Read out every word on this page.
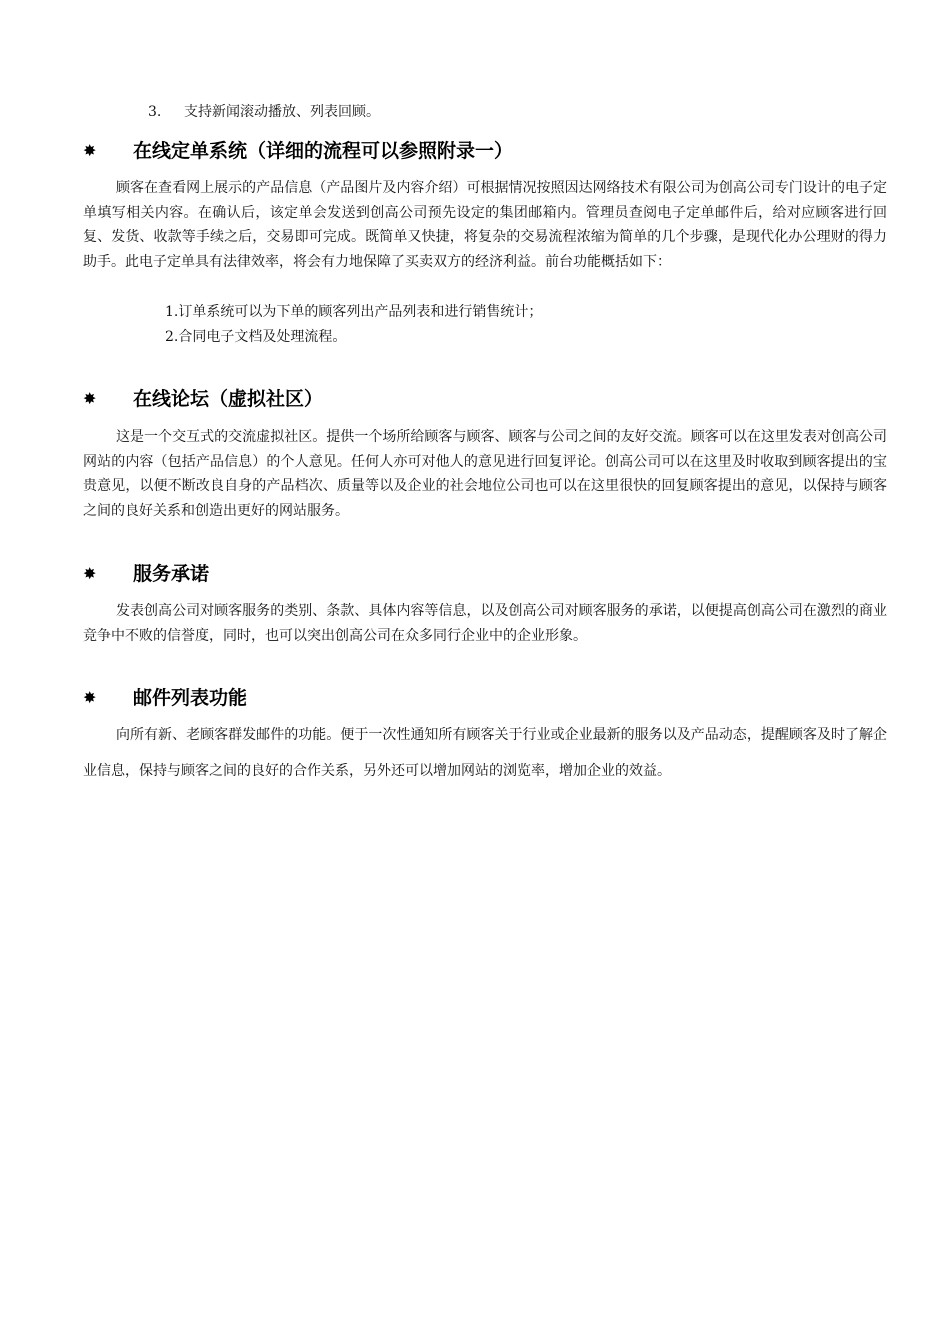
3. 支持新闻滚动播放、列表回顾。
✸ 在线定单系统（详细的流程可以参照附录一）

顾客在查看网上展示的产品信息（产品图片及内容介绍）可根据情况按照因达网络技术有限公司为创高公司专门设计的电子定单填写相关内容。在确认后，该定单会发送到创高公司预先设定的集团邮箱内。管理员查阅电子定单邮件后，给对应顾客进行回复、发货、收款等手续之后，交易即可完成。既简单又快捷，将复杂的交易流程浓缩为简单的几个步骤，是现代化办公理财的得力助手。此电子定单具有法律效率，将会有力地保障了买卖双方的经济利益。前台功能概括如下：

1.订单系统可以为下单的顾客列出产品列表和进行销售统计；
2.合同电子文档及处理流程。
✸ 在线论坛（虚拟社区）

这是一个交互式的交流虚拟社区。提供一个场所给顾客与顾客、顾客与公司之间的友好交流。顾客可以在这里发表对创高公司网站的内容（包括产品信息）的个人意见。任何人亦可对他人的意见进行回复评论。创高公司可以在这里及时收取到顾客提出的宝贵意见，以便不断改良自身的产品档次、质量等以及企业的社会地位公司也可以在这里很快的回复顾客提出的意见，以保持与顾客之间的良好关系和创造出更好的网站服务。

✸ 服务承诺

发表创高公司对顾客服务的类别、条款、具体内容等信息，以及创高公司对顾客服务的承诺，以便提高创高公司在激烈的商业竞争中不败的信誉度，同时，也可以突出创高公司在众多同行企业中的企业形象。

✸ 邮件列表功能

向所有新、老顾客群发邮件的功能。便于一次性通知所有顾客关于行业或企业最新的服务以及产品动态，提醒顾客及时了解企业信息，保持与顾客之间的良好的合作关系，另外还可以增加网站的浏览率，增加企业的效益。
